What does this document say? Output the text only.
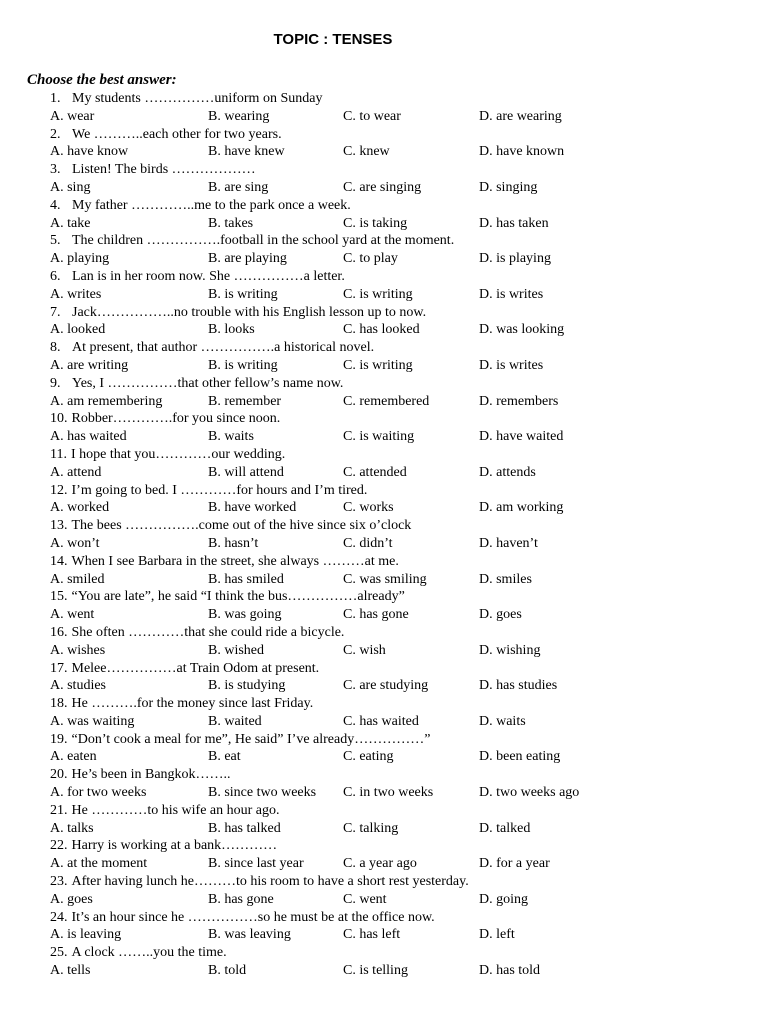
TOPIC : TENSES
Choose the best answer:
1. My students ……………uniform on Sunday
A. wear	B. wearing	C. to wear	D. are wearing
2. We ………..each other for two years.
A. have know	B. have knew	C. knew	D. have known
3. Listen! The birds ………………
A. sing	B. are sing	C. are singing	D. singing
4. My father …………..me to the park once a week.
A. take	B. takes	C. is taking	D. has taken
5. The children …………….football in the school yard at the moment.
A. playing	B. are playing	C. to play	D. is playing
6. Lan is in her room now. She ……………a letter.
A. writes	B. is writing	C. is writing	D. is writes
7. Jack……………..no trouble with his English lesson up to now.
A. looked	B. looks	C. has looked	D. was looking
8. At present, that author …………….a historical novel.
A. are writing	B. is writing	C. is writing	D. is writes
9. Yes, I ……………that other fellow’s name now.
A. am remembering	B. remember	C. remembered	D. remembers
10. Robber………….for you since noon.
A. has waited	B. waits	C. is waiting	D. have waited
11. I hope that you…………our wedding.
A. attend	B. will attend	C. attended	D. attends
12. I’m going to bed. I …………for hours and I’m tired.
A. worked	B. have worked	C. works	D. am working
13. The bees …………….come out of the hive since six o’clock
A. won’t	B. hasn’t	C. didn’t	D. haven’t
14. When I see Barbara in the street, she always ………at me.
A. smiled	B. has smiled	C. was smiling	D. smiles
15. “You are late”, he said “I think the bus……………already”
A. went	B. was going	C. has gone	D. goes
16. She often …………that she could ride a bicycle.
A. wishes	B. wished	C. wish	D. wishing
17. Melee……………at Train Odom at present.
A. studies	B. is studying	C. are studying	D. has studies
18. He ……….for the money since last Friday.
A. was waiting	B. waited	C. has waited	D. waits
19. “Don’t cook a meal for me”, He said” I’ve already……………”
A. eaten	B. eat	C. eating	D. been eating
20. He’s been in Bangkok……..
A. for two weeks	B. since two weeks C. in two weeks	D. two weeks ago
21. He …………to his wife an hour ago.
A. talks	B. has talked	C. talking	D. talked
22. Harry is working at a bank…………
A. at the moment	B. since last year	C. a year ago	D. for a year
23. After having lunch he………to his room to have a short rest yesterday.
A. goes	B. has gone	C. went	D. going
24. It’s an hour since he ……………so he must be at the office now.
A. is leaving	B. was leaving	C. has left	D. left
25. A clock ……..you the time.
A. tells	B. told	C. is telling	D. has told
